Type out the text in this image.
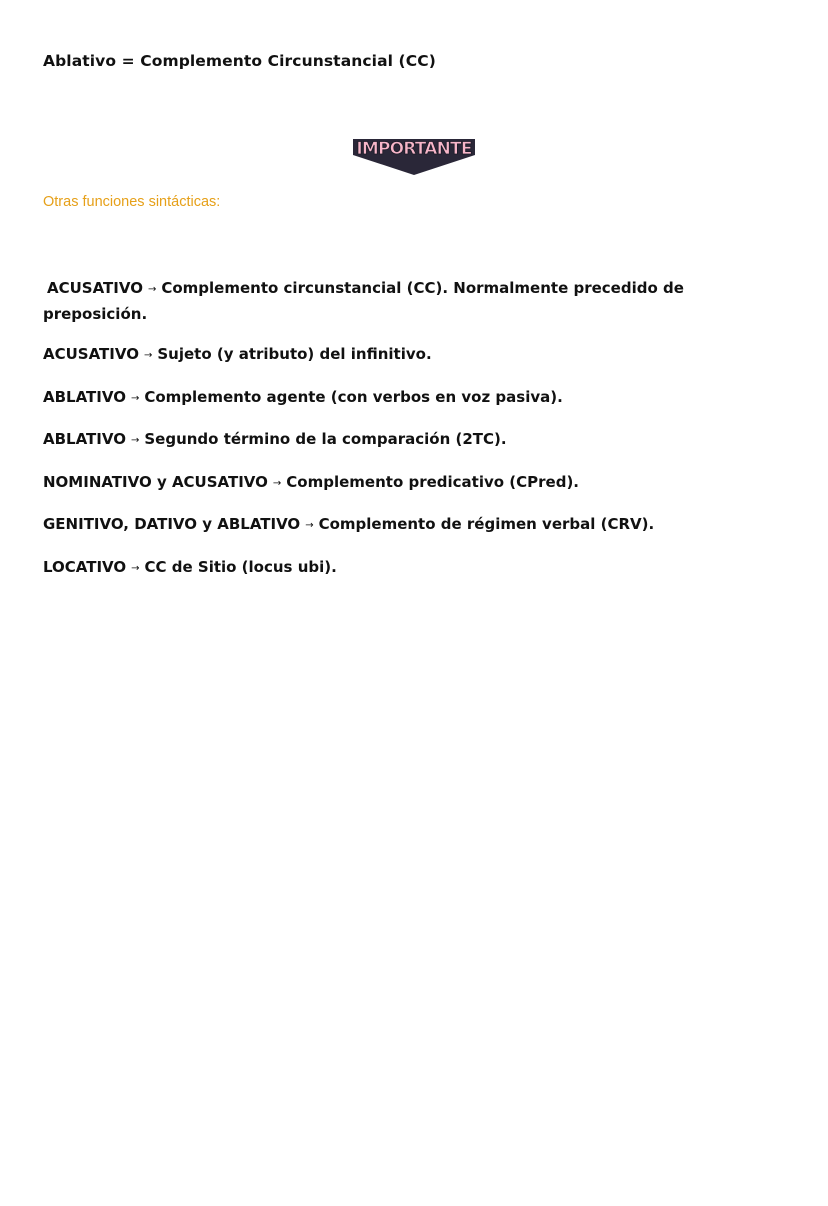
Ablativo = Complemento Circunstancial (CC)
IMPORTANTE
Otras funciones sintácticas:

ACUSATIVO → Complemento circunstancial (CC). Normalmente precedido de preposición.

ACUSATIVO → Sujeto (y atributo) del infinitivo.

ABLATIVO → Complemento agente (con verbos en voz pasiva).

ABLATIVO → Segundo término de la comparación (2TC).

NOMINATIVO y ACUSATIVO → Complemento predicativo (CPred).

GENITIVO, DATIVO y ABLATIVO → Complemento de régimen verbal (CRV).

LOCATIVO → CC de Sitio (locus ubi).
